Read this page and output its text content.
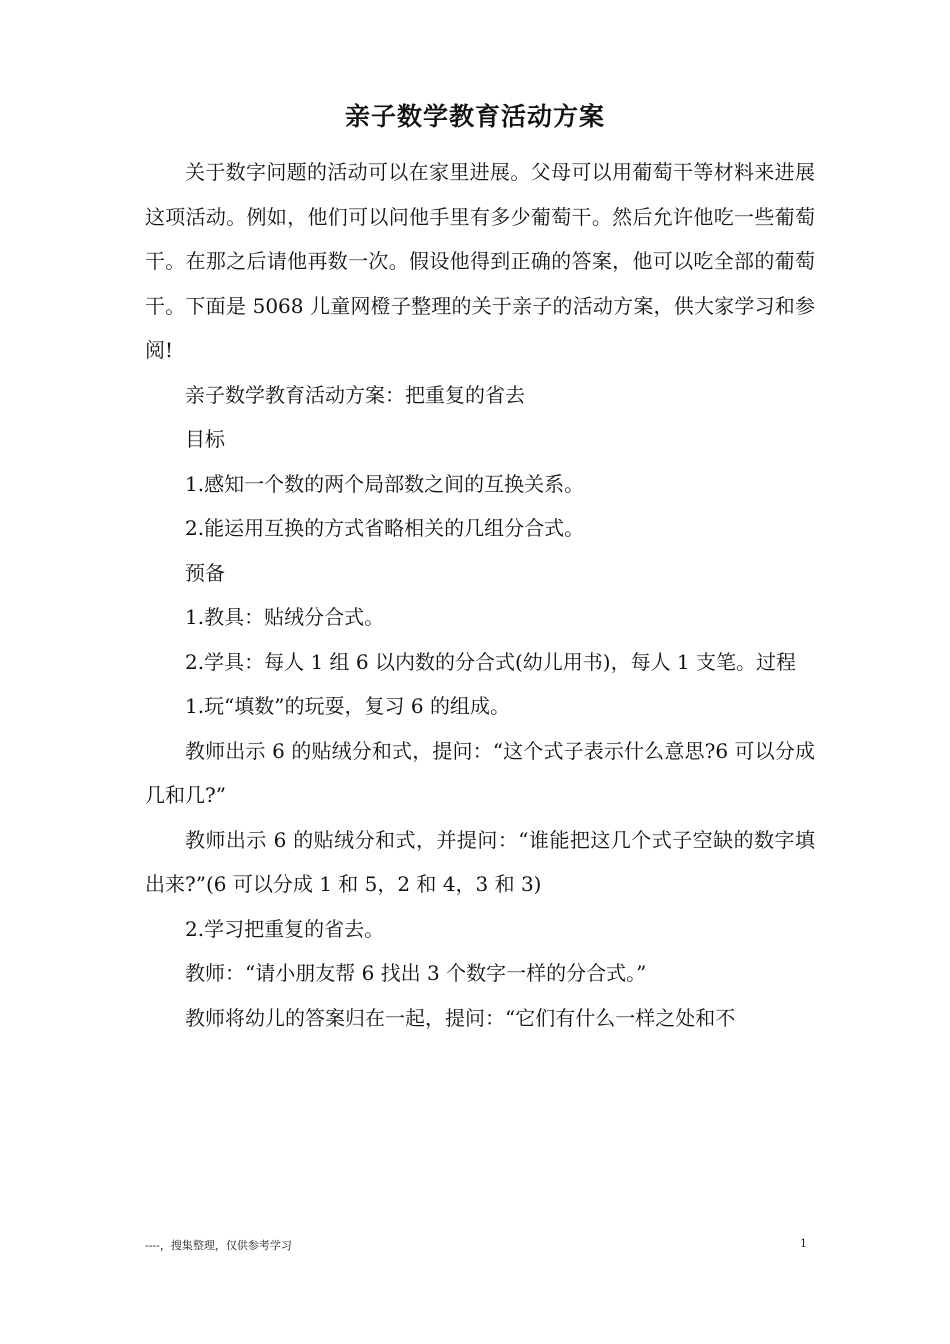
亲子数学教育活动方案

关于数字问题的活动可以在家里进展。父母可以用葡萄干等材料来进展这项活动。例如，他们可以问他手里有多少葡萄干。然后允许他吃一些葡萄干。在那之后请他再数一次。假设他得到正确的答案，他可以吃全部的葡萄干。下面是 5068 儿童网橙子整理的关于亲子的活动方案，供大家学习和参阅!

亲子数学教育活动方案：把重复的省去

目标

1.感知一个数的两个局部数之间的互换关系。

2.能运用互换的方式省略相关的几组分合式。

预备

1.教具：贴绒分合式。

2.学具：每人 1 组 6 以内数的分合式(幼儿用书)，每人 1 支笔。过程

1.玩“填数”的玩耍，复习 6 的组成。

教师出示 6 的贴绒分和式，提问：“这个式子表示什么意思?6 可以分成几和几?”

教师出示 6 的贴绒分和式，并提问：“谁能把这几个式子空缺的数字填出来?”(6 可以分成 1 和 5，2 和 4，3 和 3)

2.学习把重复的省去。

教师：“请小朋友帮 6 找出 3 个数字一样的分合式。”

教师将幼儿的答案归在一起，提问：“它们有什么一样之处和不

----，搜集整理，仅供参考学习	1
